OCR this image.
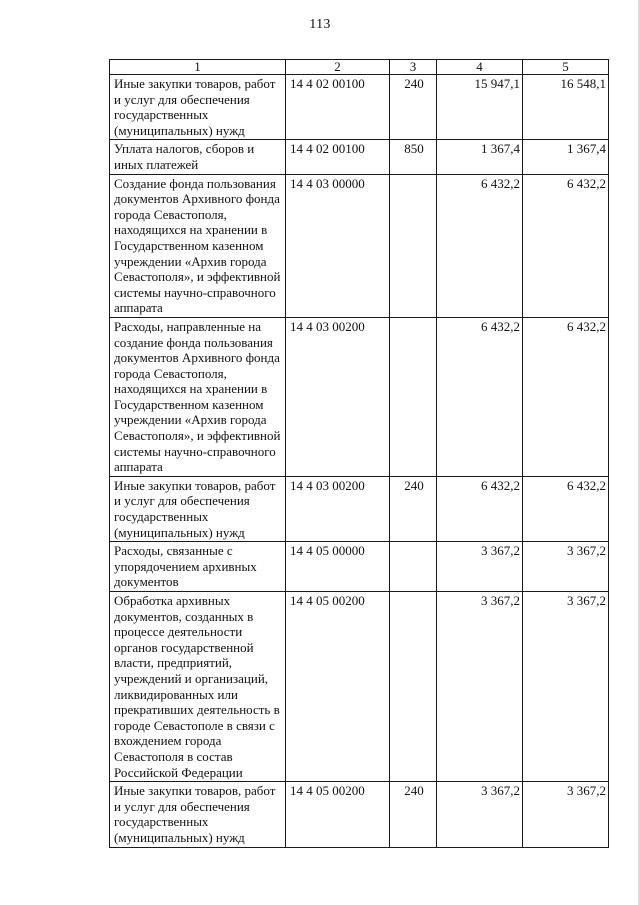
113
1	2	3	4	5
Иные закупки товаров, работ и услуг для обеспечения государственных (муниципальных) нужд	14 4 02 00100	240	15 947,1	16 548,1
Уплата налогов, сборов и иных платежей	14 4 02 00100	850	1 367,4	1 367,4
Создание фонда пользования документов Архивного фонда города Севастополя, находящихся на хранении в Государственном казенном учреждении «Архив города Севастополя», и эффективной системы научно-справочного аппарата	14 4 03 00000		6 432,2	6 432,2
Расходы, направленные на создание фонда пользования документов Архивного фонда города Севастополя, находящихся на хранении в Государственном казенном учреждении «Архив города Севастополя», и эффективной системы научно-справочного аппарата	14 4 03 00200		6 432,2	6 432,2
Иные закупки товаров, работ и услуг для обеспечения государственных (муниципальных) нужд	14 4 03 00200	240	6 432,2	6 432,2
Расходы, связанные с упорядочением архивных документов	14 4 05 00000		3 367,2	3 367,2
Обработка архивных документов, созданных в процессе деятельности органов государственной власти, предприятий, учреждений и организаций, ликвидированных или прекративших деятельность в городе Севастополе в связи с вхождением города Севастополя в состав Российской Федерации	14 4 05 00200		3 367,2	3 367,2
Иные закупки товаров, работ и услуг для обеспечения государственных (муниципальных) нужд	14 4 05 00200	240	3 367,2	3 367,2
